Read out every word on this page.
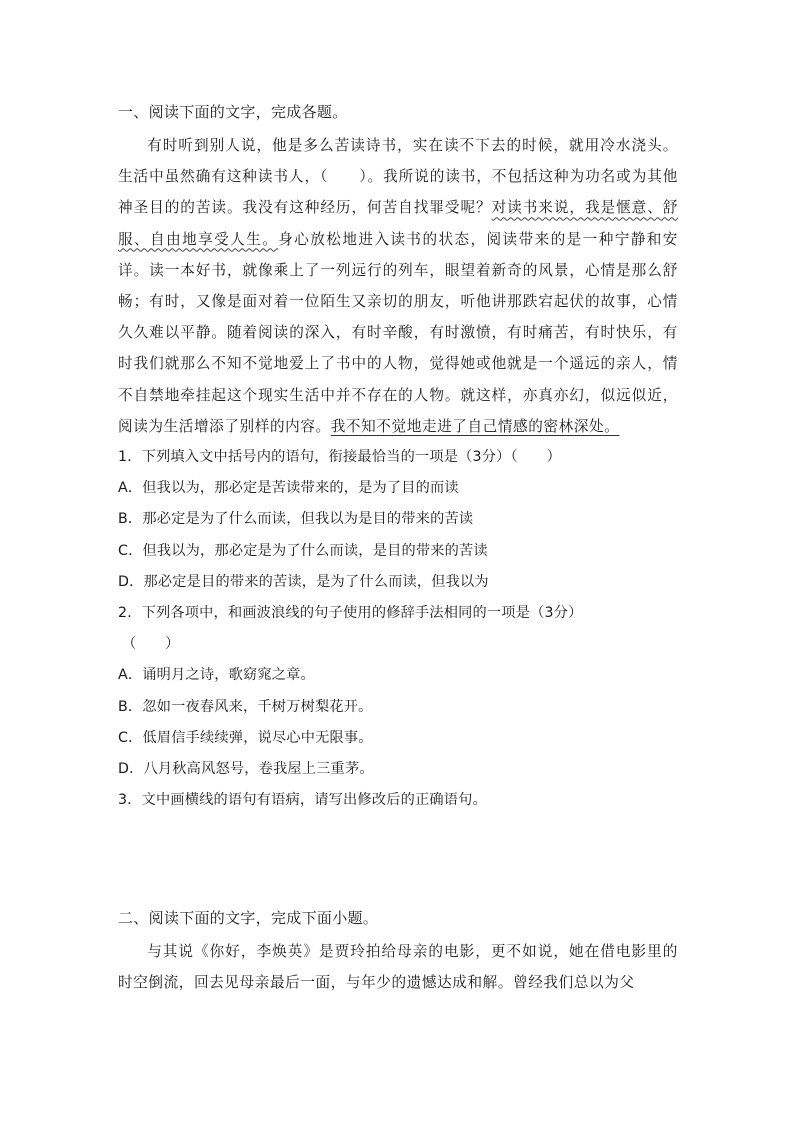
一、阅读下面的文字，完成各题。

有时听到别人说，他是多么苦读诗书，实在读不下去的时候，就用冷水浇头。生活中虽然确有这种读书人，（　　）。我所说的读书，不包括这种为功名或为其他神圣目的的苦读。我没有这种经历，何苦自找罪受呢？对读书来说，我是惬意、舒服、自由地享受人生。身心放松地进入读书的状态，阅读带来的是一种宁静和安详。读一本好书，就像乘上了一列远行的列车，眼望着新奇的风景，心情是那么舒畅；有时，又像是面对着一位陌生又亲切的朋友，听他讲那跌宕起伏的故事，心情久久难以平静。随着阅读的深入，有时辛酸，有时激愤，有时痛苦，有时快乐，有时我们就那么不知不觉地爱上了书中的人物，觉得她或他就是一个遥远的亲人，情不自禁地牵挂起这个现实生活中并不存在的人物。就这样，亦真亦幻，似远似近，阅读为生活增添了别样的内容。我不知不觉地走进了自己情感的密林深处。

1．下列填入文中括号内的语句，衔接最恰当的一项是（3分）（　　）

A．但我以为，那必定是苦读带来的，是为了目的而读

B．那必定是为了什么而读，但我以为是目的带来的苦读

C．但我以为，那必定是为了什么而读，是目的带来的苦读

D．那必定是目的带来的苦读，是为了什么而读，但我以为

2．下列各项中，和画波浪线的句子使用的修辞手法相同的一项是（3分）

（　　）

A．诵明月之诗，歌窈窕之章。

B．忽如一夜春风来，千树万树梨花开。

C．低眉信手续续弹，说尽心中无限事。

D．八月秋高风怒号，卷我屋上三重茅。

3．文中画横线的语句有语病，请写出修改后的正确语句。

二、阅读下面的文字，完成下面小题。

与其说《你好，李焕英》是贾玲拍给母亲的电影，更不如说，她在借电影里的时空倒流，回去见母亲最后一面，与年少的遗憾达成和解。曾经我们总以为父
